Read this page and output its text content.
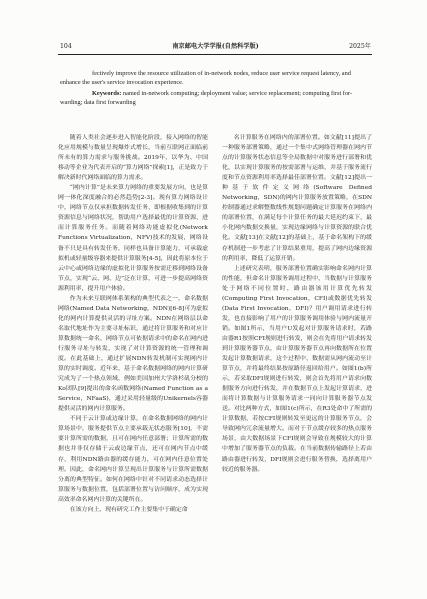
104	南京邮电大学学报(自然科学版)	2025年

fectively improve the resource utilization of in-network nodes, reduce user service request latency, and

enhance the user's service invocation experience.

Keywords: named in-network computing; deployment value; service replacement; computing first for-

warding; data first forwarding

随着人类社会逐步进入智能化阶段，接入网络的智能化应用规模与数量呈现爆炸式增长，当前互联网正面临前所未有的算力需求与服务挑战。2019年，以华为、中国移动等企业为代表开启的“算力网络”探索[1]，正是致力于解决新时代网络面临的算力需求。

“网内计算”是未来算力网络的重要发展方向，也是算网一体化深度融合的必然趋势[2-3]。现有算力网络设计中，网络节点仅承担数据转发任务，即根据收集到的计算资源信息与网络状况，帮助用户选择最优的计算资源，进而计算服务任务。而随着网络功能虚拟化(Network Functions Virtualization，NFV)技术的发展，网络设备不只是具有转发任务，同样也具备计算能力，可承载虚拟机或轻量级容器来提供计算服务[4-5]，因此将原本位于云中心或网络边缘的虚拟化计算服务按需迁移到网络设备节点，实现“云、网、边”泛在计算，可进一步提高网络资源利用率，提升用户体验。

作为未来互联网体系架构的典型代表之一，命名数据网络(Named Data Networking，NDN)[6-8]可为虚拟化的网内计算提供灵活的寻址方案。NDN在网络层以命名取代地址作为主要寻址标识，通过将计算服务和对应计算数据统一命名，网络节点可依据请求中的命名在网内进行服务寻址与转发，实现了对计算资源的统一管理和调度。在此基础上，通过扩展NDN转发机制可实现网内计算的实时调度。近年来，基于命名数据网络的网内计算研究成为了一个热点领域，例如美国加州大学洛杉矶分校的Ko团队[9]提出的命名函数网络(Named Function as a Service，NFaaS)，通过采用轻量级的Unikernels容器提供灵活的网内计算服务。

不同于云计算或边缘计算，在命名数据网络的网内计算场景中，服务提供节点主要承载无状态服务[10]，不需要计算所需的数据，且可在网内任意部署；计算所需的数据也并非仅存储于云或边缘节点，还可在网内节点中缓存，利用NDN路由器的缓存能力，可在网内任意位置处理。因此，命名网内计算呈现出计算服务与计算所需数据分离的典型特征。如何在网络中针对不同请求动态选择计算服务与数据位置，包括部署位置与访问顺序，成为实现高效率命名网内计算的关键所在。

在该方向上，现有研究工作主要集中于确定命

名计算服务在网络内的部署位置。如文献[11]提出了一种服务部署策略，通过一个集中式网络管理器在网内节点的计算服务状态信息等全局数据中对服务进行部署和优化，以实现计算服务的按需部署与运维，并基于服务流行度和节点资源利用率选择最佳部署位置。文献[12]提出一种基于软件定义网络(Software Defined Networking，SDN)的网内计算服务放置策略，在SDN控制器通过求解整数线性规划问题确定计算服务在网络内的部署位置，在满足每个计算任务的最大延迟约束下，最小化网内数据交换量，实现边缘网络与计算资源的联合优化。文献[13]在文献[12]的基础上，基于命名架构下的缓存机制进一步考虑了计算结果重用，提高了网内边缘资源的利用率，降低了运算开销。

上述研究表明，服务部署位置确实影响命名网内计算的性能，但命名计算服务调用过程中，当数据与计算服务处于网络不同位置时，路由器该用计算优先转发(Computing First Invocation，CFI)或数据优先转发(Data First Invocation，DFI)？用户调用请求进行转发，也直接影响了用户的计算服务调用体验与网内流量开销。如图1所示，当用户U发起对计算服务请求时，若路由器R1按照CFI规则进行转发，则会在先将用户请求转发到计算服务器节点，由计算服务器节点再向数据所在位置发起计算数据请求，这个过程中，数据需从网内流动至计算节点，并将最终结果按原路径返回给用户。如图1(b)所示，若采取DFI规则进行转发，则会首先将用户请求向数据服务方向进行转发，并在数据节点上发起计算请求，进而将计算数据与计算服务请求一同向计算服务器节点发送。对比两种方式，如图1(c)所示，在R3处命中了所需的计算数据，若按CFI规则转发至更远的计算服务节点，会导致网内冗余流量增大。而对于节点缓存较多的热点服务场景，由大数据场景下CFI规则会导致在规模较大的计算中增加了服务器节点的负载。在当前数据传输路径上若由路由器进行转发，DFI规则会进行服务替换，选择离用户较近的服务器。
